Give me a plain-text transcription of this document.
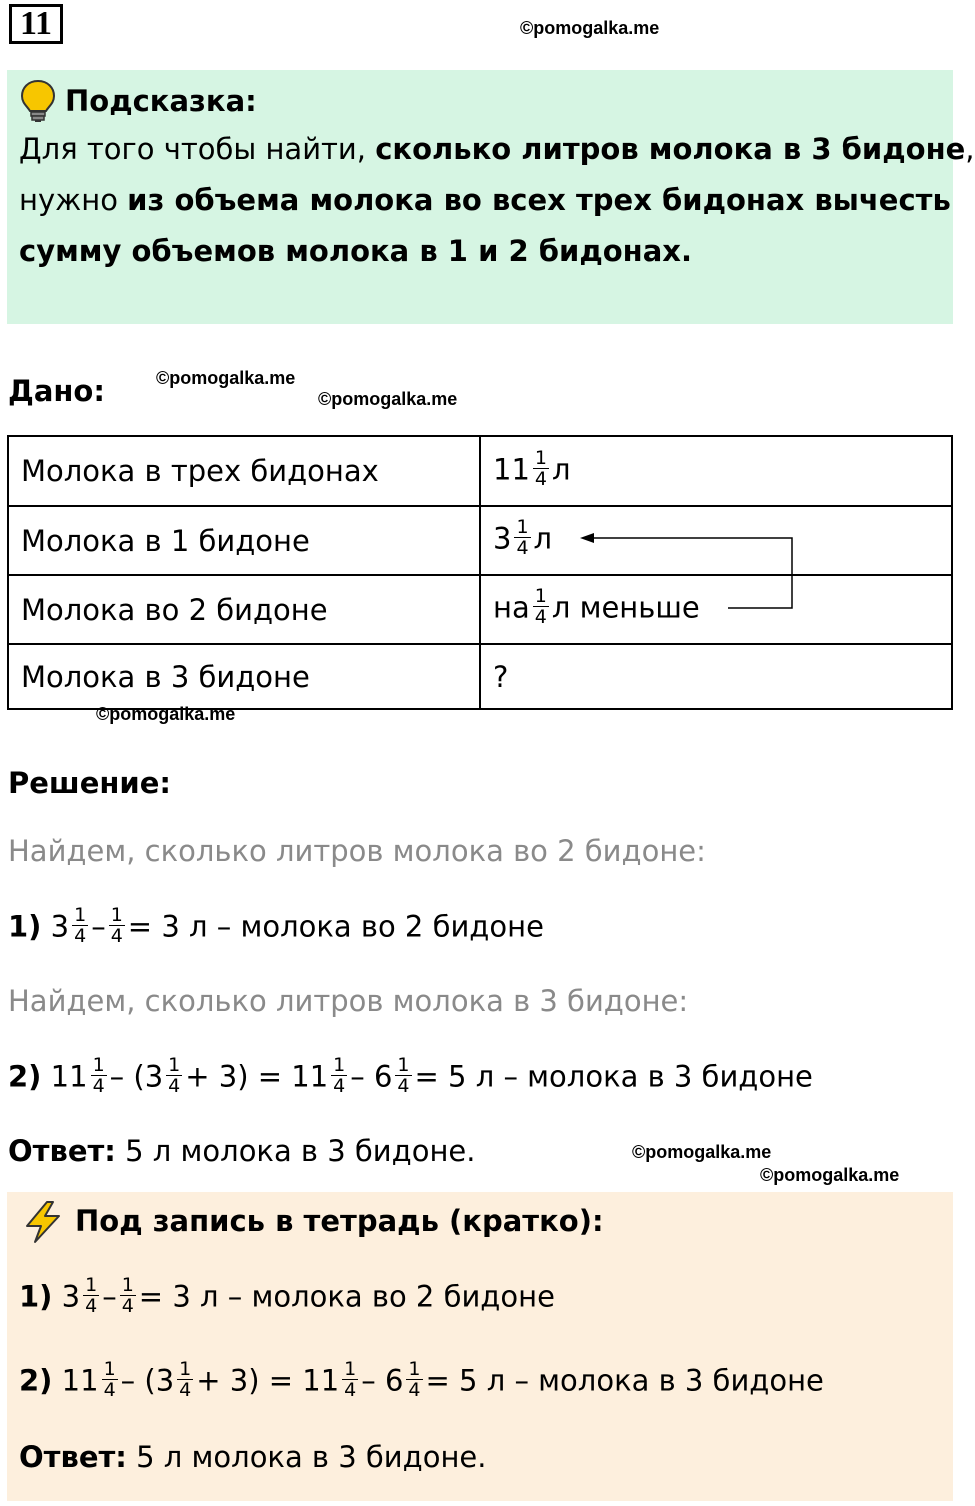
11	©pomogalka.me
Подсказка:
Для того чтобы найти, сколько литров молока в 3 бидоне,
нужно из объема молока во всех трех бидонах вычесть
сумму объемов молока в 1 и 2 бидонах.
Дано:	©pomogalka.me
©pomogalka.me
Молока в трех бидонах	$11 \frac{1}{4}$ л
Молока в 1 бидоне	$3 \frac{1}{4}$ л
Молока во 2 бидоне	на $\frac{1}{4}$ л меньше
Молока в 3 бидоне	?
©pomogalka.me
Решение:
Найдем, сколько литров молока во 2 бидоне:
1) $3 \frac{1}{4} - \frac{1}{4} = 3$ л – молока во 2 бидоне
Найдем, сколько литров молока в 3 бидоне:
2) $11 \frac{1}{4} - (3 \frac{1}{4} + 3) = 11 \frac{1}{4} - 6 \frac{1}{4} = 5$ л – молока в 3 бидоне
Ответ: 5 л молока в 3 бидоне.	©pomogalka.me
©pomogalka.me
Под запись в тетрадь (кратко):
1) $3 \frac{1}{4} - \frac{1}{4} = 3$ л – молока во 2 бидоне
2) $11 \frac{1}{4} - (3 \frac{1}{4} + 3) = 11 \frac{1}{4} - 6 \frac{1}{4} = 5$ л – молока в 3 бидоне
Ответ: 5 л молока в 3 бидоне.
